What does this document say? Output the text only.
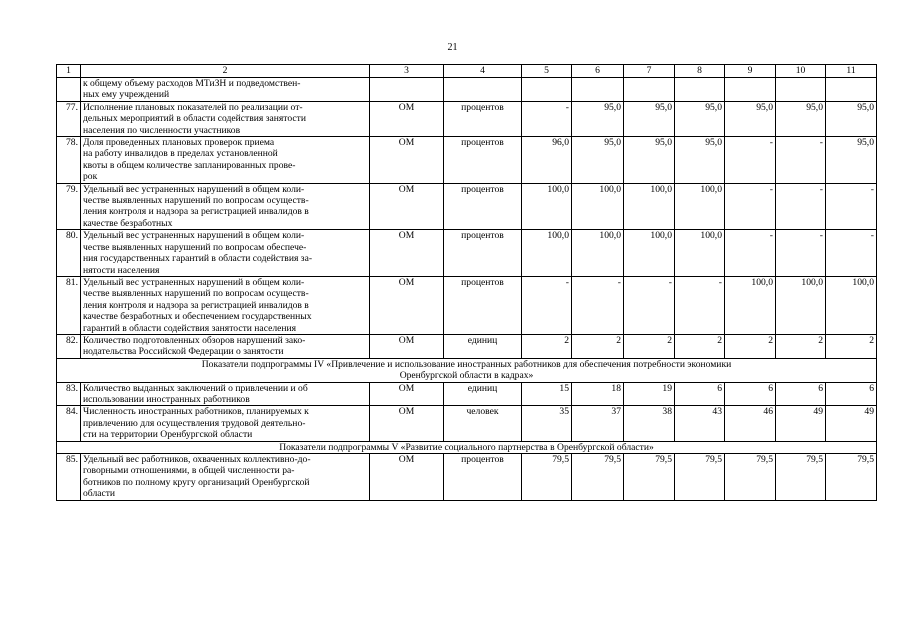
21
1	2	3	4	5	6	7	8	9	10	11
	к общему объему расходов МТиЗН и подведомствен-
ных ему учреждений									
77.	Исполнение плановых показателей по реализации от-
дельных мероприятий в области содействия занятости
населения по численности участников	ОМ	процентов	-	95,0	95,0	95,0	95,0	95,0	95,0
78.	Доля проведенных плановых проверок приема
на работу инвалидов в пределах установленной
квоты в общем количестве запланированных прове-
рок	ОМ	процентов	96,0	95,0	95,0	95,0	-	-	95,0
79.	Удельный вес устраненных нарушений в общем коли-
честве выявленных нарушений по вопросам осуществ-
ления контроля и надзора за регистрацией инвалидов в
качестве безработных	ОМ	процентов	100,0	100,0	100,0	100,0	-	-	-
80.	Удельный вес устраненных нарушений в общем коли-
честве выявленных нарушений по вопросам обеспече-
ния государственных гарантий в области содействия за-
нятости населения	ОМ	процентов	100,0	100,0	100,0	100,0	-	-	-
81.	Удельный вес устраненных нарушений в общем коли-
честве выявленных нарушений по вопросам осуществ-
ления контроля и надзора за регистрацией инвалидов в
качестве безработных и обеспечением государственных
гарантий в области содействия занятости населения	ОМ	процентов	-	-	-	-	100,0	100,0	100,0
82.	Количество подготовленных обзоров нарушений зако-
нодательства Российской Федерации о занятости	ОМ	единиц	2	2	2	2	2	2	2
Показатели подпрограммы IV «Привлечение и использование иностранных работников для обеспечения потребности экономики
Оренбургской области в кадрах»										
83.	Количество выданных заключений о привлечении и об
использовании иностранных работников	ОМ	единиц	15	18	19	6	6	6	6
84.	Численность иностранных работников, планируемых к
привлечению для осуществления трудовой деятельно-
сти на территории Оренбургской области	ОМ	человек	35	37	38	43	46	49	49
Показатели подпрограммы V «Развитие социального партнерства в Оренбургской области»										
85.	Удельный вес работников, охваченных коллективно-до-
говорными отношениями, в общей численности ра-
ботников по полному кругу организаций Оренбургской
области	ОМ	процентов	79,5	79,5	79,5	79,5	79,5	79,5	79,5
